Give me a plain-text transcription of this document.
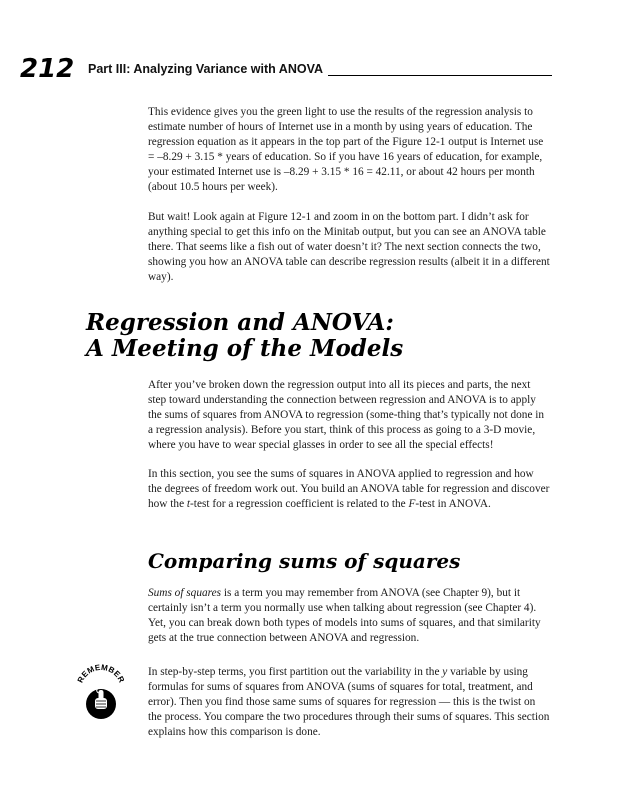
212 Part III: Analyzing Variance with ANOVA

This evidence gives you the green light to use the results of the regression analysis to estimate number of hours of Internet use in a month by using years of education. The regression equation as it appears in the top part of the Figure 12-1 output is Internet use = –8.29 + 3.15 * years of education. So if you have 16 years of education, for example, your estimated Internet use is –8.29 + 3.15 * 16 = 42.11, or about 42 hours per month (about 10.5 hours per week).

But wait! Look again at Figure 12-1 and zoom in on the bottom part. I didn’t ask for anything special to get this info on the Minitab output, but you can see an ANOVA table there. That seems like a fish out of water doesn’t it? The next section connects the two, showing you how an ANOVA table can describe regression results (albeit it in a different way).

Regression and ANOVA:
A Meeting of the Models

After you’ve broken down the regression output into all its pieces and parts, the next step toward understanding the connection between regression and ANOVA is to apply the sums of squares from ANOVA to regression (some-thing that’s typically not done in a regression analysis). Before you start, think of this process as going to a 3-D movie, where you have to wear special glasses in order to see all the special effects!

In this section, you see the sums of squares in ANOVA applied to regression and how the degrees of freedom work out. You build an ANOVA table for regression and discover how the t-test for a regression coefficient is related to the F-test in ANOVA.

Comparing sums of squares

Sums of squares is a term you may remember from ANOVA (see Chapter 9), but it certainly isn’t a term you normally use when talking about regression (see Chapter 4). Yet, you can break down both types of models into sums of squares, and that similarity gets at the true connection between ANOVA and regression.

REMEMBER

In step-by-step terms, you first partition out the variability in the y variable by using formulas for sums of squares from ANOVA (sums of squares for total, treatment, and error). Then you find those same sums of squares for regression — this is the twist on the process. You compare the two procedures through their sums of squares. This section explains how this comparison is done.
